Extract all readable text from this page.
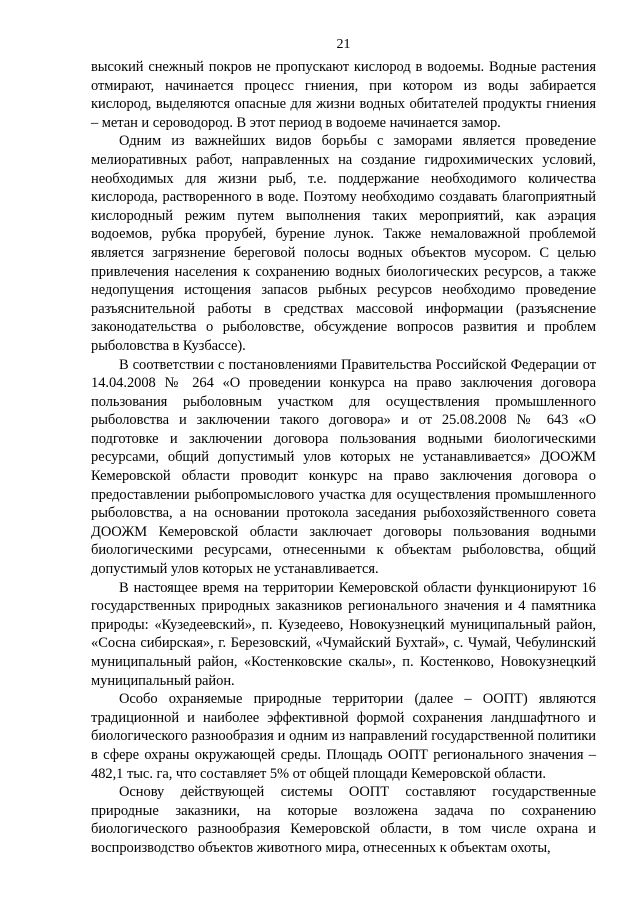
21

высокий снежный покров не пропускают кислород в водоемы. Водные растения отмирают, начинается процесс гниения, при котором из воды забирается кислород, выделяются опасные для жизни водных обитателей продукты гниения – метан и сероводород. В этот период в водоеме начинается замор.

Одним из важнейших видов борьбы с заморами является проведение мелиоративных работ, направленных на создание гидрохимических условий, необходимых для жизни рыб, т.е. поддержание необходимого количества кислорода, растворенного в воде. Поэтому необходимо создавать благоприятный кислородный режим путем выполнения таких мероприятий, как аэрация водоемов, рубка прорубей, бурение лунок. Также немаловажной проблемой является загрязнение береговой полосы водных объектов мусором. С целью привлечения населения к сохранению водных биологических ресурсов, а также недопущения истощения запасов рыбных ресурсов необходимо проведение разъяснительной работы в средствах массовой информации (разъяснение законодательства о рыболовстве, обсуждение вопросов развития и проблем рыболовства в Кузбассе).

В соответствии с постановлениями Правительства Российской Федерации от 14.04.2008 № 264 «О проведении конкурса на право заключения договора пользования рыболовным участком для осуществления промышленного рыболовства и заключении такого договора» и от 25.08.2008 № 643 «О подготовке и заключении договора пользования водными биологическими ресурсами, общий допустимый улов которых не устанавливается» ДООЖМ Кемеровской области проводит конкурс на право заключения договора о предоставлении рыбопромыслового участка для осуществления промышленного рыболовства, а на основании протокола заседания рыбохозяйственного совета ДООЖМ Кемеровской области заключает договоры пользования водными биологическими ресурсами, отнесенными к объектам рыболовства, общий допустимый улов которых не устанавливается.

В настоящее время на территории Кемеровской области функционируют 16 государственных природных заказников регионального значения и 4 памятника природы: «Кузедеевский», п. Кузедеево, Новокузнецкий муниципальный район, «Сосна сибирская», г. Березовский, «Чумайский Бухтай», с. Чумай, Чебулинский муниципальный район, «Костенковские скалы», п. Костенково, Новокузнецкий муниципальный район.

Особо охраняемые природные территории (далее – ООПТ) являются традиционной и наиболее эффективной формой сохранения ландшафтного и биологического разнообразия и одним из направлений государственной политики в сфере охраны окружающей среды. Площадь ООПТ регионального значения – 482,1 тыс. га, что составляет 5% от общей площади Кемеровской области.

Основу действующей системы ООПТ составляют государственные природные заказники, на которые возложена задача по сохранению биологического разнообразия Кемеровской области, в том числе охрана и воспроизводство объектов животного мира, отнесенных к объектам охоты,
